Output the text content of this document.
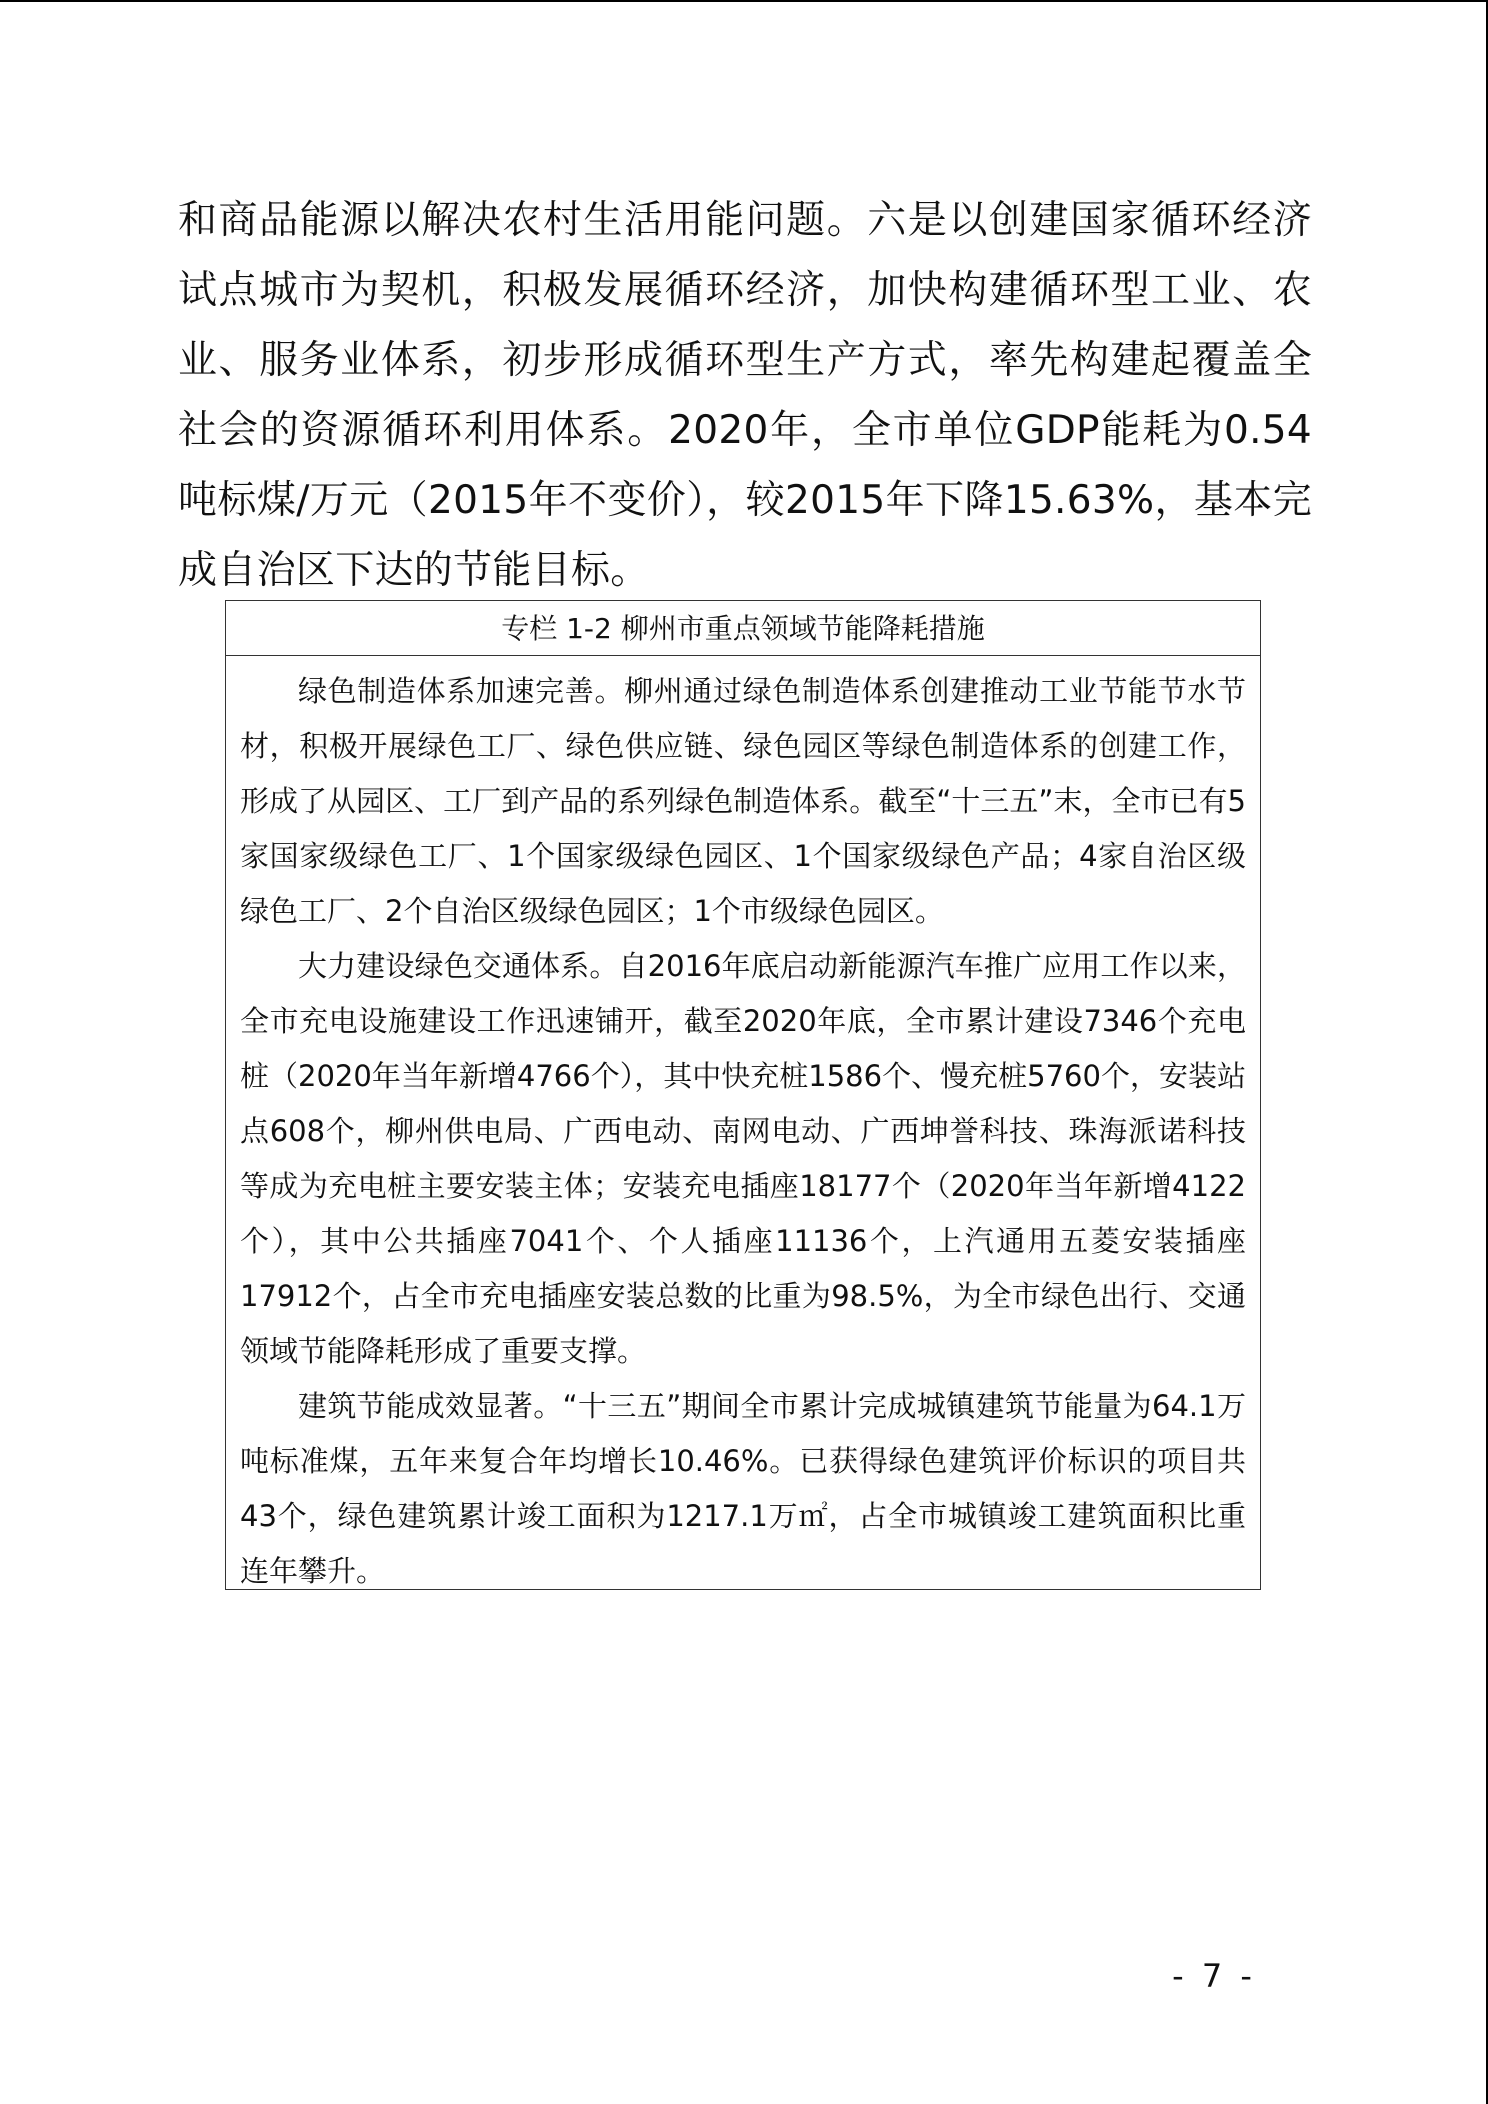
和商品能源以解决农村生活用能问题。六是以创建国家循环经济试点城市为契机，积极发展循环经济，加快构建循环型工业、农业、服务业体系，初步形成循环型生产方式，率先构建起覆盖全社会的资源循环利用体系。2020年，全市单位GDP能耗为0.54吨标煤/万元（2015年不变价），较2015年下降15.63%，基本完成自治区下达的节能目标。

专栏 1-2 柳州市重点领域节能降耗措施

绿色制造体系加速完善。柳州通过绿色制造体系创建推动工业节能节水节材，积极开展绿色工厂、绿色供应链、绿色园区等绿色制造体系的创建工作，形成了从园区、工厂到产品的系列绿色制造体系。截至“十三五”末，全市已有5家国家级绿色工厂、1个国家级绿色园区、1个国家级绿色产品；4家自治区级绿色工厂、2个自治区级绿色园区；1个市级绿色园区。

大力建设绿色交通体系。自2016年底启动新能源汽车推广应用工作以来，全市充电设施建设工作迅速铺开，截至2020年底，全市累计建设7346个充电桩（2020年当年新增4766个），其中快充桩1586个、慢充桩5760个，安装站点608个，柳州供电局、广西电动、南网电动、广西坤誉科技、珠海派诺科技等成为充电桩主要安装主体；安装充电插座18177个（2020年当年新增4122个），其中公共插座7041个、个人插座11136个，上汽通用五菱安装插座17912个，占全市充电插座安装总数的比重为98.5%，为全市绿色出行、交通领域节能降耗形成了重要支撑。

建筑节能成效显著。“十三五”期间全市累计完成城镇建筑节能量为64.1万吨标准煤，五年来复合年均增长10.46%。已获得绿色建筑评价标识的项目共43个，绿色建筑累计竣工面积为1217.1万㎡，占全市城镇竣工建筑面积比重连年攀升。

- 7 -
